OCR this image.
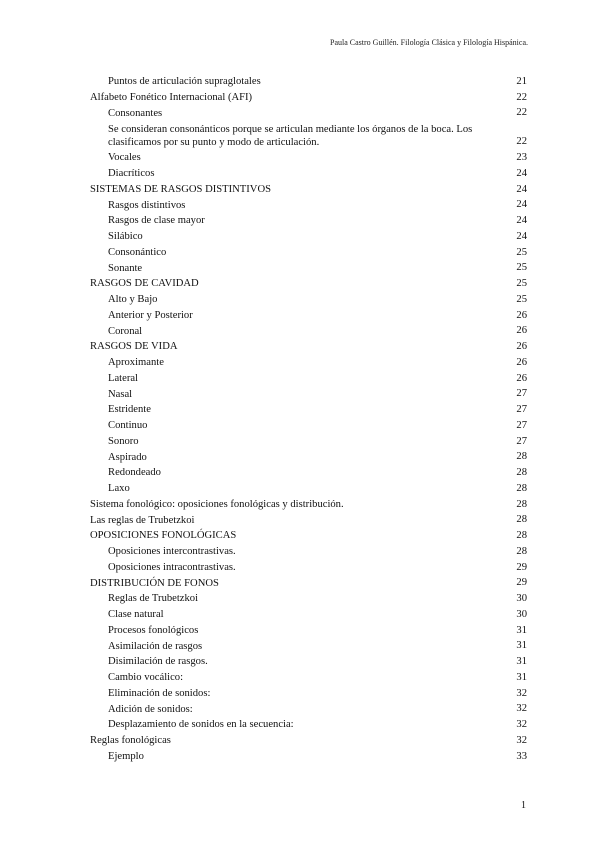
Paula Castro Guillén. Filología Clásica y Filología Hispánica.
Puntos de articulación supraglotales	21
Alfabeto Fonético Internacional (AFI)	22
Consonantes	22
Se consideran consonánticos porque se articulan mediante los órganos de la boca. Los clasificamos por su punto y modo de articulación.	22
Vocales	23
Diacríticos	24
SISTEMAS DE RASGOS DISTINTIVOS	24
Rasgos distintivos	24
Rasgos de clase mayor	24
Silábico	24
Consonántico	25
Sonante	25
RASGOS DE CAVIDAD	25
Alto y Bajo	25
Anterior y Posterior	26
Coronal	26
RASGOS DE VIDA	26
Aproximante	26
Lateral	26
Nasal	27
Estridente	27
Continuo	27
Sonoro	27
Aspirado	28
Redondeado	28
Laxo	28
Sistema fonológico: oposiciones fonológicas y distribución.	28
Las reglas de Trubetzkoi	28
OPOSICIONES FONOLÓGICAS	28
Oposiciones intercontrastivas.	28
Oposiciones intracontrastivas.	29
DISTRIBUCIÓN DE FONOS	29
Reglas de Trubetzkoi	30
Clase natural	30
Procesos fonológicos	31
Asimilación de rasgos	31
Disimilación de rasgos.	31
Cambio vocálico:	31
Eliminación de sonidos:	32
Adición de sonidos:	32
Desplazamiento de sonidos en la secuencia:	32
Reglas fonológicas	32
Ejemplo	33
1
